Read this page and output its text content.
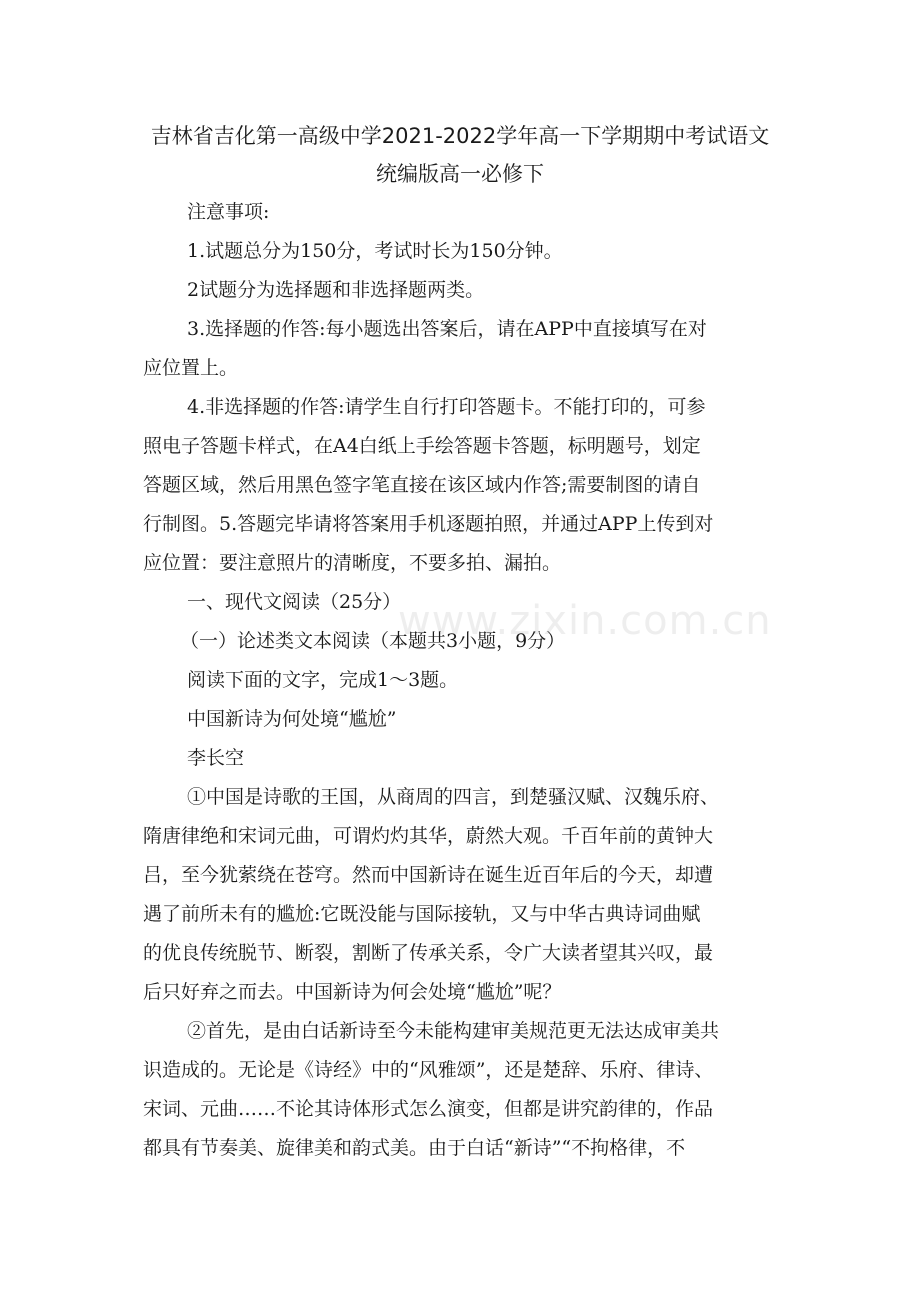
www.zixin.com.cn
吉林省吉化第一高级中学2021-2022学年高一下学期期中考试语文
统编版高一必修下
注意事项:
1.试题总分为150分，考试时长为150分钟。
2试题分为选择题和非选择题两类。
3.选择题的作答:每小题选出答案后，请在APP中直接填写在对
应位置上。
4.非选择题的作答:请学生自行打印答题卡。不能打印的，可参
照电子答题卡样式，在A4白纸上手绘答题卡答题，标明题号，划定
答题区域，然后用黑色签字笔直接在该区域内作答;需要制图的请自
行制图。5.答题完毕请将答案用手机逐题拍照，并通过APP上传到对
应位置：要注意照片的清晰度，不要多拍、漏拍。
一、现代文阅读（25分）
（一）论述类文本阅读（本题共3小题，9分）
阅读下面的文字，完成1～3题。
中国新诗为何处境“尴尬”
李长空
①中国是诗歌的王国，从商周的四言，到楚骚汉赋、汉魏乐府、
隋唐律绝和宋词元曲，可谓灼灼其华，蔚然大观。千百年前的黄钟大
吕，至今犹萦绕在苍穹。然而中国新诗在诞生近百年后的今天，却遭
遇了前所未有的尴尬:它既没能与国际接轨，又与中华古典诗词曲赋
的优良传统脱节、断裂，割断了传承关系，令广大读者望其兴叹，最
后只好弃之而去。中国新诗为何会处境“尴尬”呢？
②首先，是由白话新诗至今未能构建审美规范更无法达成审美共
识造成的。无论是《诗经》中的“风雅颂”，还是楚辞、乐府、律诗、
宋词、元曲……不论其诗体形式怎么演变，但都是讲究韵律的，作品
都具有节奏美、旋律美和韵式美。由于白话“新诗”“不拘格律，不
